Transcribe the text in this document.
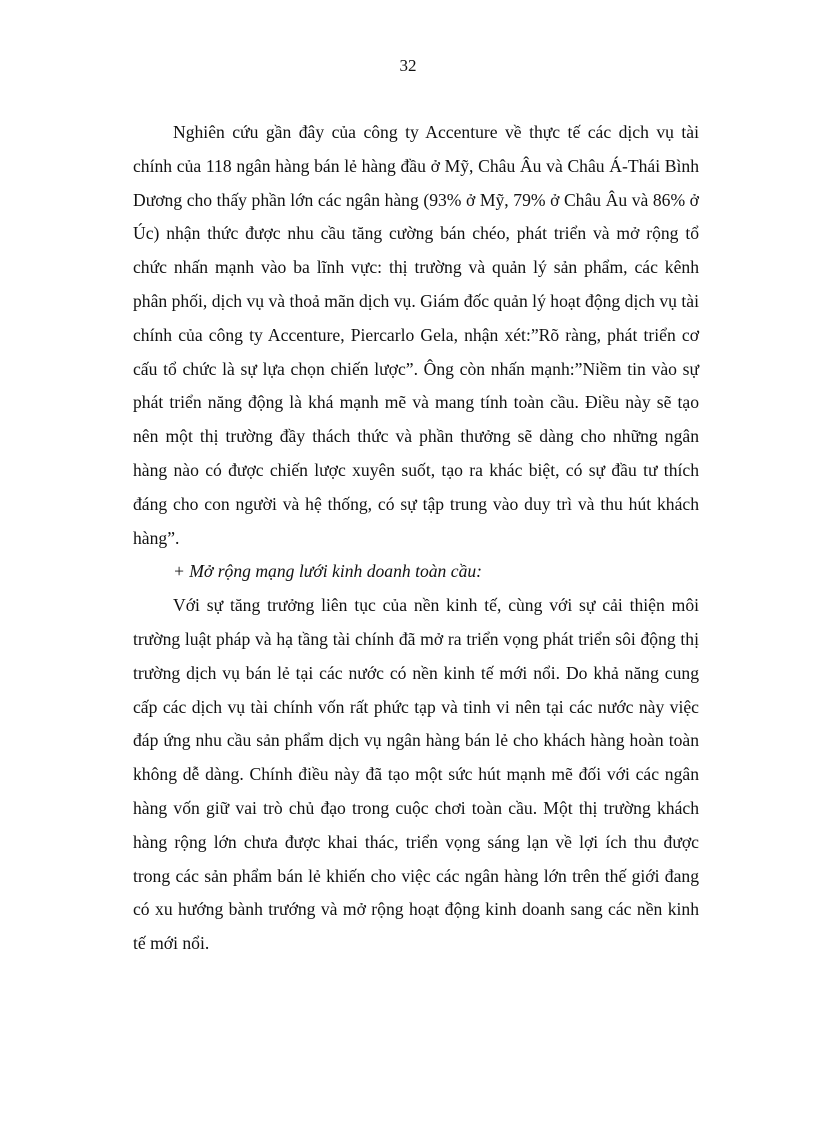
32

Nghiên cứu gần đây của công ty Accenture về thực tế các dịch vụ tài chính của 118 ngân hàng bán lẻ hàng đầu ở Mỹ, Châu Âu và Châu Á-Thái Bình Dương cho thấy phần lớn các ngân hàng (93% ở Mỹ, 79% ở Châu Âu và 86% ở Úc) nhận thức được nhu cầu tăng cường bán chéo, phát triển và mở rộng tổ chức nhấn mạnh vào ba lĩnh vực: thị trường và quản lý sản phẩm, các kênh phân phối, dịch vụ và thoả mãn dịch vụ. Giám đốc quản lý hoạt động dịch vụ tài chính của công ty Accenture, Piercarlo Gela, nhận xét:”Rõ ràng, phát triển cơ cấu tổ chức là sự lựa chọn chiến lược”. Ông còn nhấn mạnh:”Niềm tin vào sự phát triển năng động là khá mạnh mẽ và mang tính toàn cầu. Điều này sẽ tạo nên một thị trường đầy thách thức và phần thưởng sẽ dàng cho những ngân hàng nào có được chiến lược xuyên suốt, tạo ra khác biệt, có sự đầu tư thích đáng cho con người và hệ thống, có sự tập trung vào duy trì và thu hút khách hàng”.

+ Mở rộng mạng lưới kinh doanh toàn cầu:

Với sự tăng trưởng liên tục của nền kinh tế, cùng với sự cải thiện môi trường luật pháp và hạ tầng tài chính đã mở ra triển vọng phát triển sôi động thị trường dịch vụ bán lẻ tại các nước có nền kinh tế mới nổi. Do khả năng cung cấp các dịch vụ tài chính vốn rất phức tạp và tinh vi nên tại các nước này việc đáp ứng nhu cầu sản phẩm dịch vụ ngân hàng bán lẻ cho khách hàng hoàn toàn không dễ dàng. Chính điều này đã tạo một sức hút mạnh mẽ đối với các ngân hàng vốn giữ vai trò chủ đạo trong cuộc chơi toàn cầu. Một thị trường khách hàng rộng lớn chưa được khai thác, triển vọng sáng lạn về lợi ích thu được trong các sản phẩm bán lẻ khiến cho việc các ngân hàng lớn trên thế giới đang có xu hướng bành trướng và mở rộng hoạt động kinh doanh sang các nền kinh tế mới nổi.
